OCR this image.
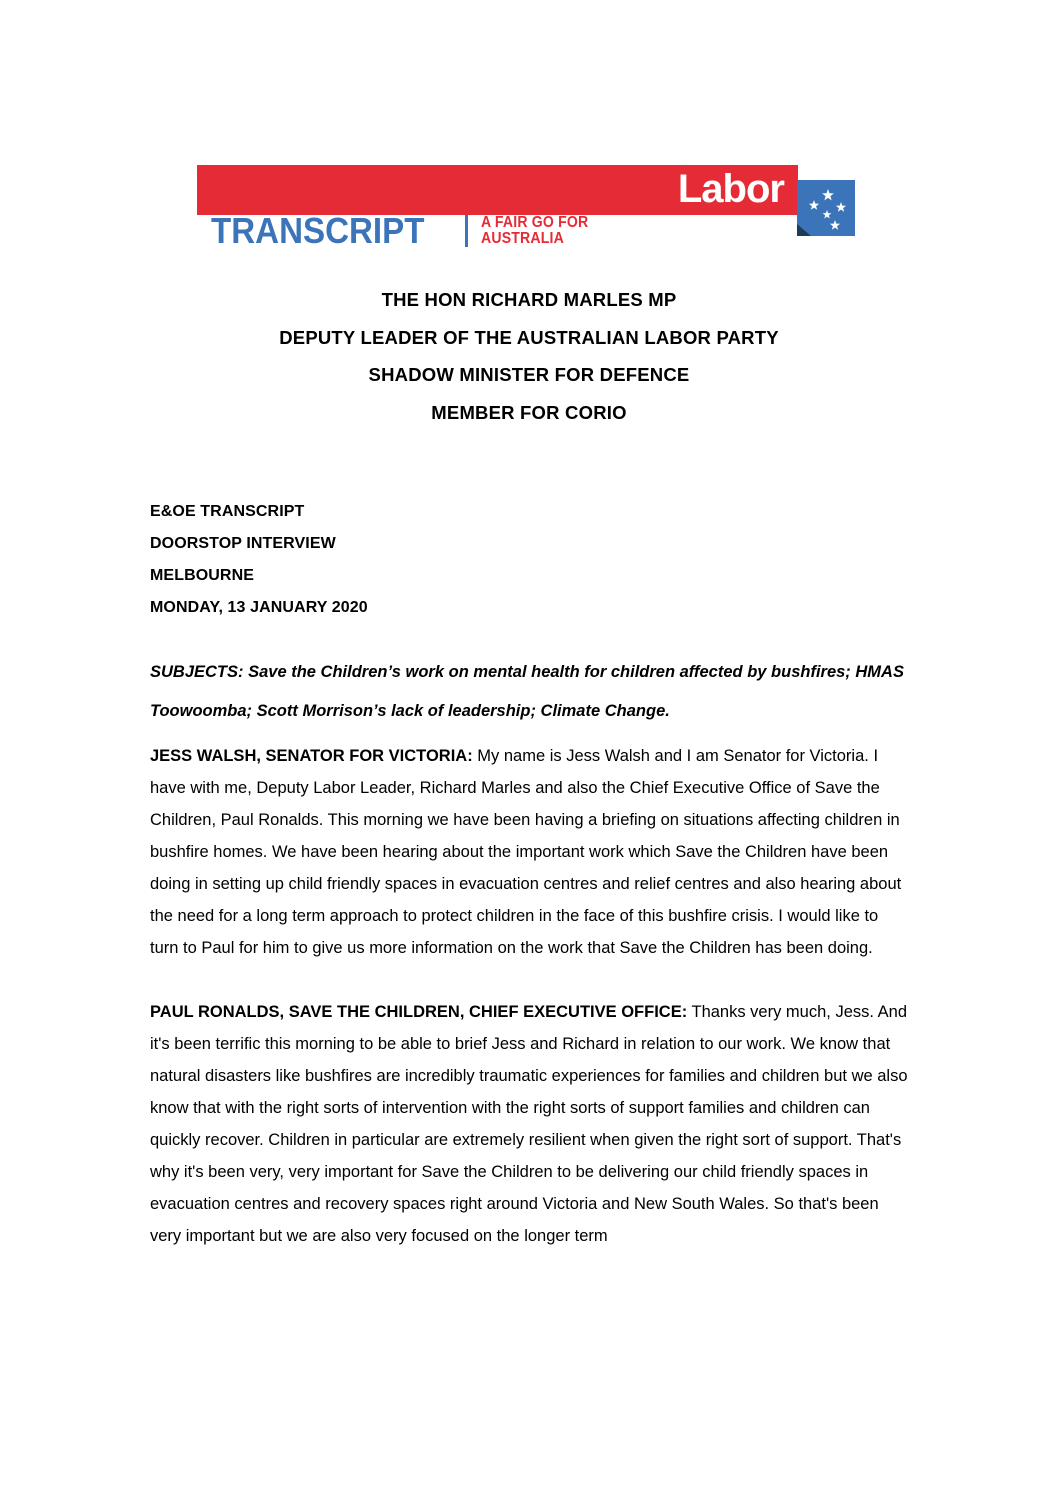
Labor
TRANSCRIPT	A FAIR GO FOR
AUSTRALIA
THE HON RICHARD MARLES MP
DEPUTY LEADER OF THE AUSTRALIAN LABOR PARTY
SHADOW MINISTER FOR DEFENCE
MEMBER FOR CORIO
E&OE TRANSCRIPT
DOORSTOP INTERVIEW
MELBOURNE
MONDAY, 13 JANUARY 2020

SUBJECTS: Save the Children’s work on mental health for children affected by bushfires; HMAS Toowoomba; Scott Morrison’s lack of leadership; Climate Change.

JESS WALSH, SENATOR FOR VICTORIA: My name is Jess Walsh and I am Senator for Victoria. I have with me, Deputy Labor Leader, Richard Marles and also the Chief Executive Office of Save the Children, Paul Ronalds. This morning we have been having a briefing on situations affecting children in bushfire homes. We have been hearing about the important work which Save the Children have been doing in setting up child friendly spaces in evacuation centres and relief centres and also hearing about the need for a long term approach to protect children in the face of this bushfire crisis. I would like to turn to Paul for him to give us more information on the work that Save the Children has been doing.

PAUL RONALDS, SAVE THE CHILDREN, CHIEF EXECUTIVE OFFICE: Thanks very much, Jess. And it's been terrific this morning to be able to brief Jess and Richard in relation to our work. We know that natural disasters like bushfires are incredibly traumatic experiences for families and children but we also know that with the right sorts of intervention with the right sorts of support families and children can quickly recover. Children in particular are extremely resilient when given the right sort of support. That's why it's been very, very important for Save the Children to be delivering our child friendly spaces in evacuation centres and recovery spaces right around Victoria and New South Wales. So that's been very important but we are also very focused on the longer term
